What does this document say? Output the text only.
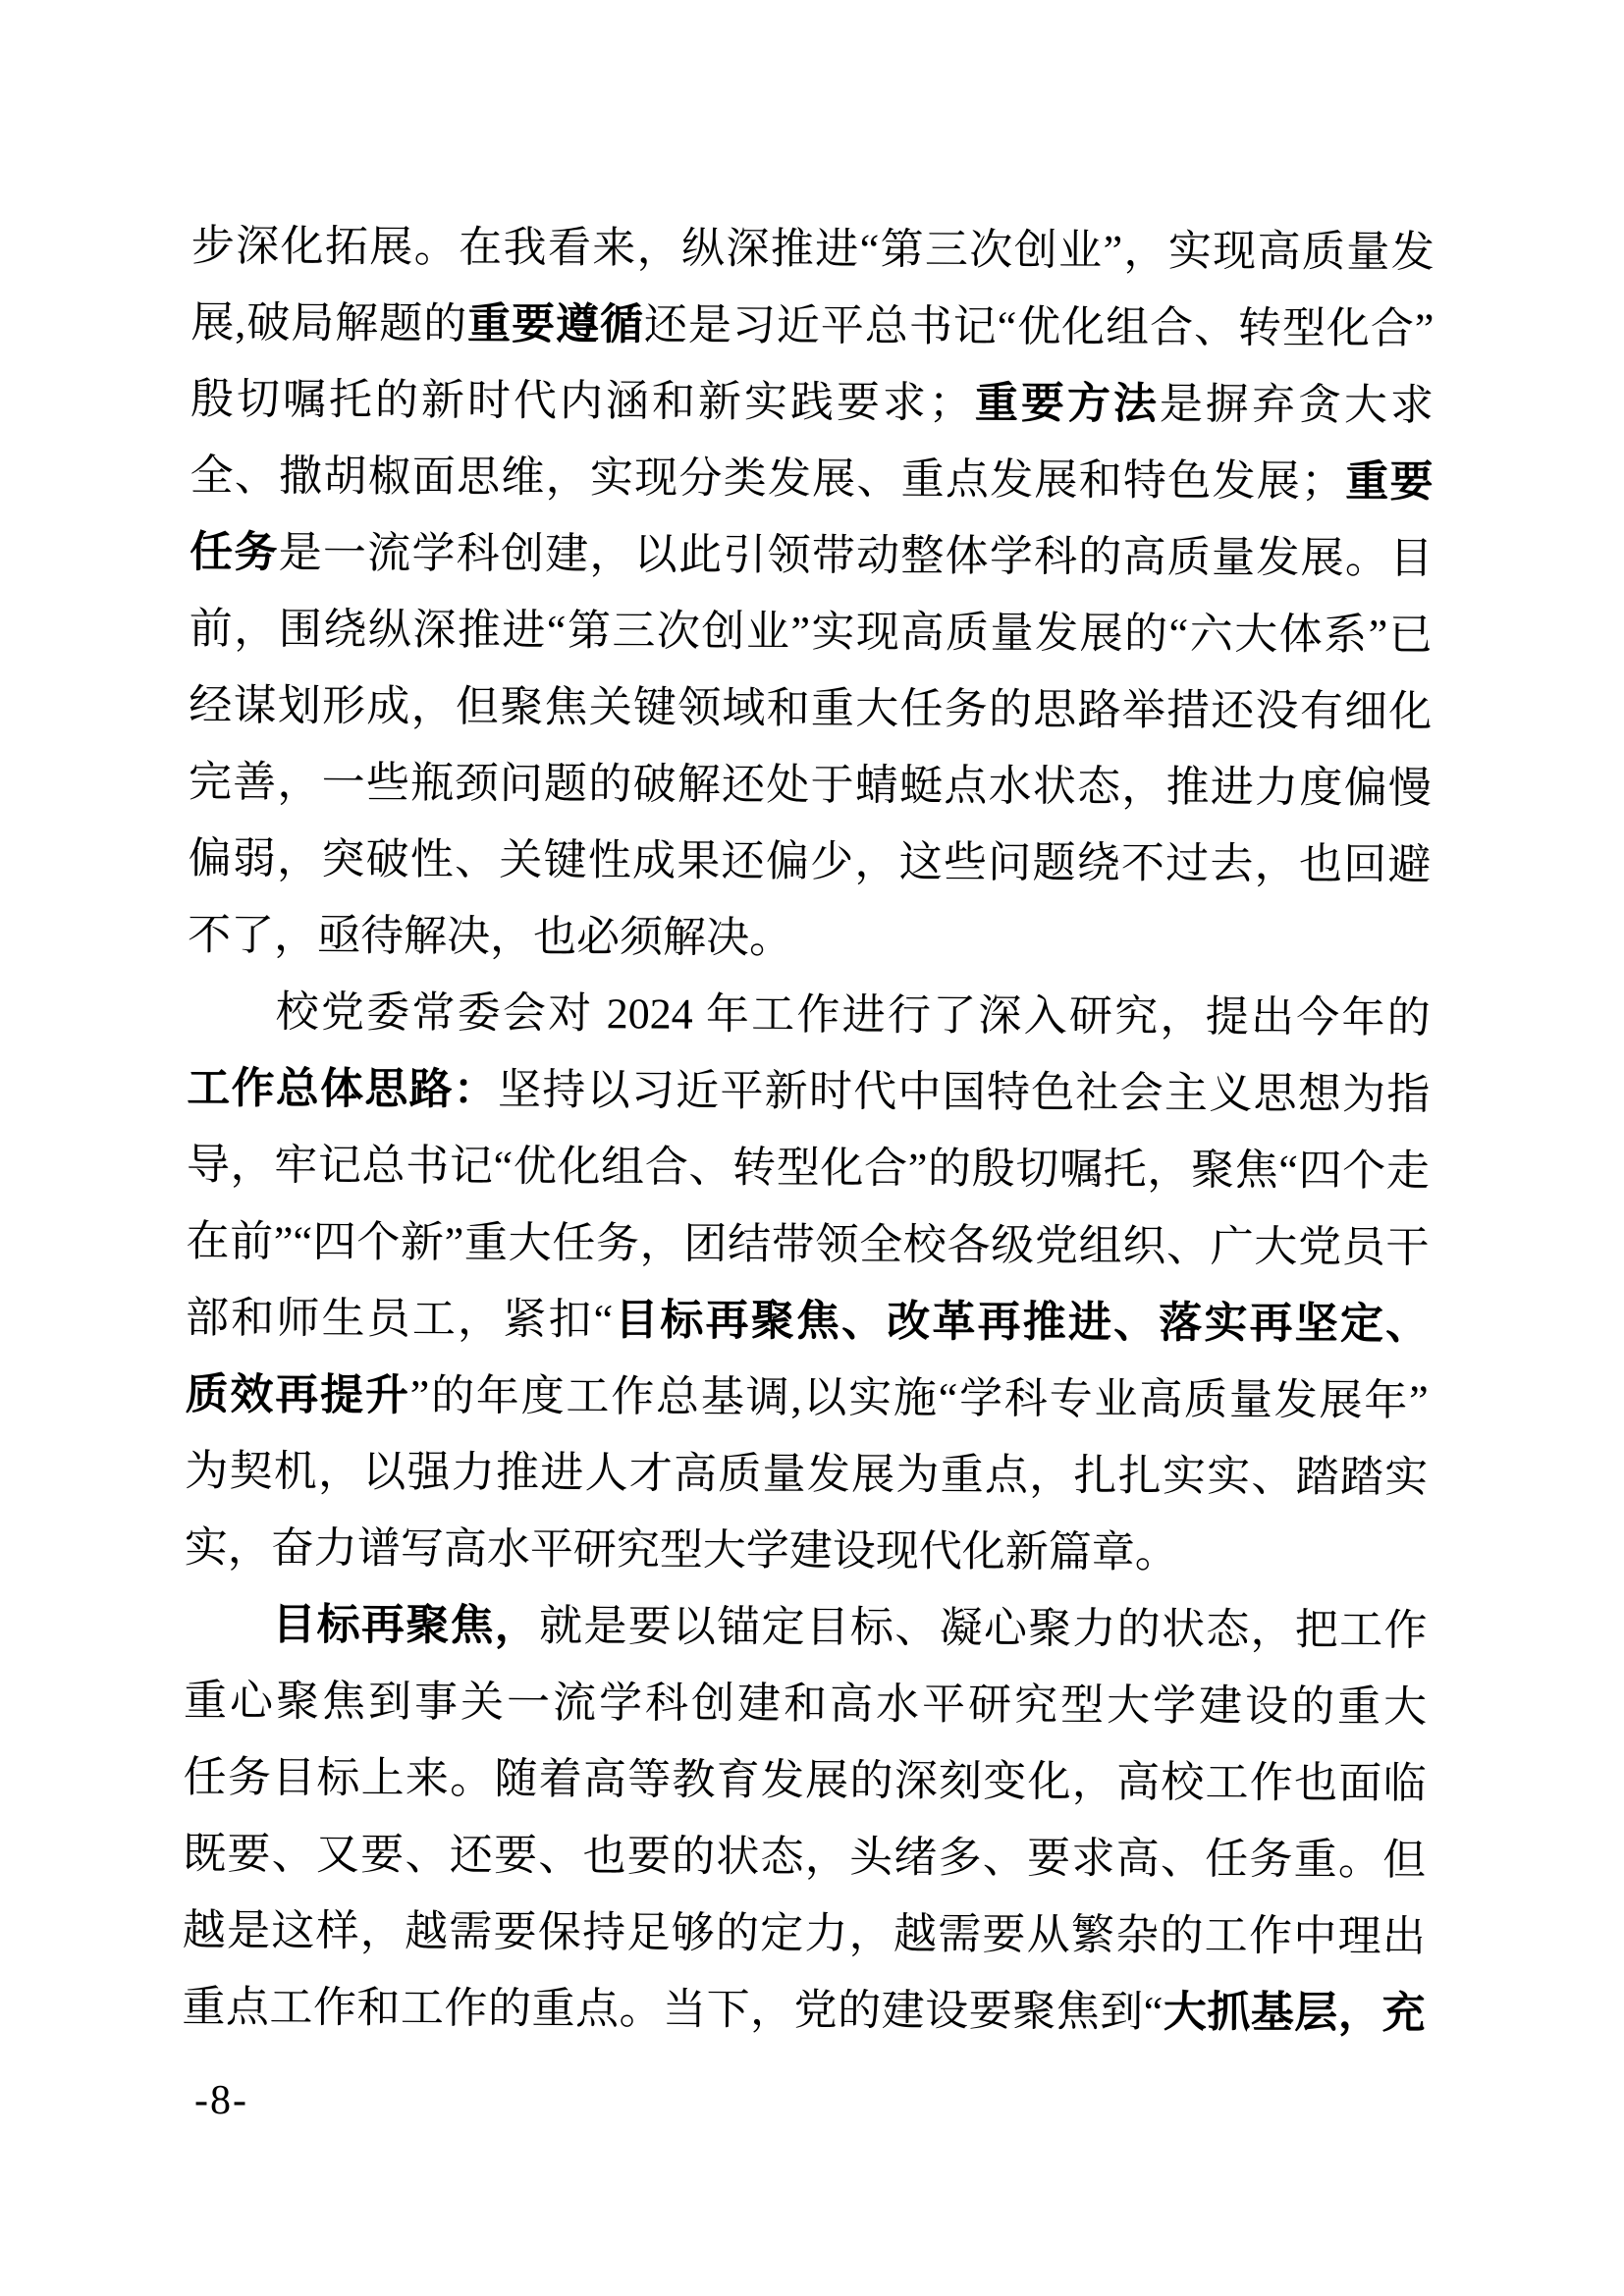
步深化拓展。在我看来，纵深推进“第三次创业”，实现高质量发
展,破局解题的重要遵循还是习近平总书记“优化组合、转型化合”
殷切嘱托的新时代内涵和新实践要求；重要方法是摒弃贪大求
全、撒胡椒面思维，实现分类发展、重点发展和特色发展；重要
任务是一流学科创建，以此引领带动整体学科的高质量发展。目
前，围绕纵深推进“第三次创业”实现高质量发展的“六大体系”已
经谋划形成，但聚焦关键领域和重大任务的思路举措还没有细化
完善，一些瓶颈问题的破解还处于蜻蜓点水状态，推进力度偏慢
偏弱，突破性、关键性成果还偏少，这些问题绕不过去，也回避
不了，亟待解决，也必须解决。
校党委常委会对 2024 年工作进行了深入研究，提出今年的
工作总体思路：坚持以习近平新时代中国特色社会主义思想为指
导，牢记总书记“优化组合、转型化合”的殷切嘱托，聚焦“四个走
在前”“四个新”重大任务，团结带领全校各级党组织、广大党员干
部和师生员工，紧扣“目标再聚焦、改革再推进、落实再坚定、
质效再提升”的年度工作总基调,以实施“学科专业高质量发展年”
为契机，以强力推进人才高质量发展为重点，扎扎实实、踏踏实
实，奋力谱写高水平研究型大学建设现代化新篇章。
目标再聚焦，就是要以锚定目标、凝心聚力的状态，把工作
重心聚焦到事关一流学科创建和高水平研究型大学建设的重大
任务目标上来。随着高等教育发展的深刻变化，高校工作也面临
既要、又要、还要、也要的状态，头绪多、要求高、任务重。但
越是这样，越需要保持足够的定力，越需要从繁杂的工作中理出
重点工作和工作的重点。当下，党的建设要聚焦到“大抓基层，充
-8-
